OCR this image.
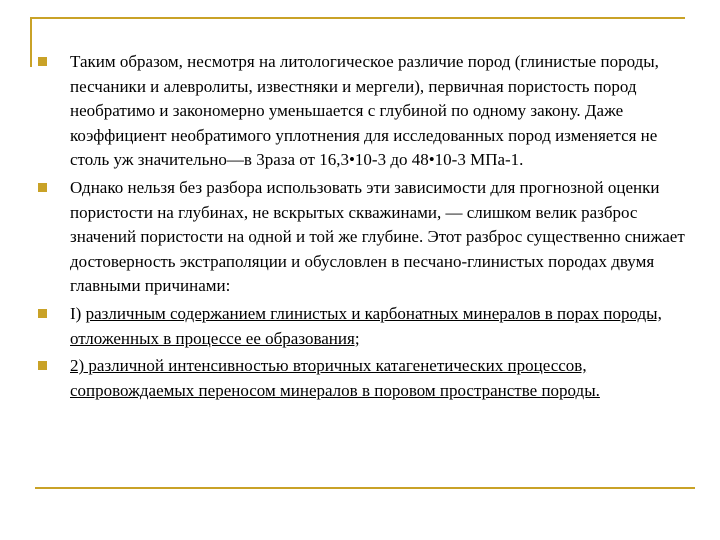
Таким образом, несмотря на литологическое различие пород (глинистые породы, песчаники и алевролиты, известняки и мергели), первичная пористость пород необратимо и закономерно уменьшается с глубиной по одному закону. Даже коэффициент необратимого уплотнения для исследованных пород изменяется не столь уж значительно—в 3раза от 16,3•10-3 до 48•10-3 МПа-1.
Однако нельзя без разбора использовать эти зависимости для прогнозной оценки пористости на глубинах, не вскрытых скважинами, — слишком велик разброс значений пористости на одной и той же глубине. Этот разброс существенно снижает достоверность экстраполяции и обусловлен в песчано-глинистых породах двумя главными причинами:
I) различным содержанием глинистых и карбонатных минералов в порах породы, отложенных в процессе ее образования;
2) различной интенсивностью вторичных катагенетических процессов, сопровождаемых переносом минералов в поровом пространстве породы.
